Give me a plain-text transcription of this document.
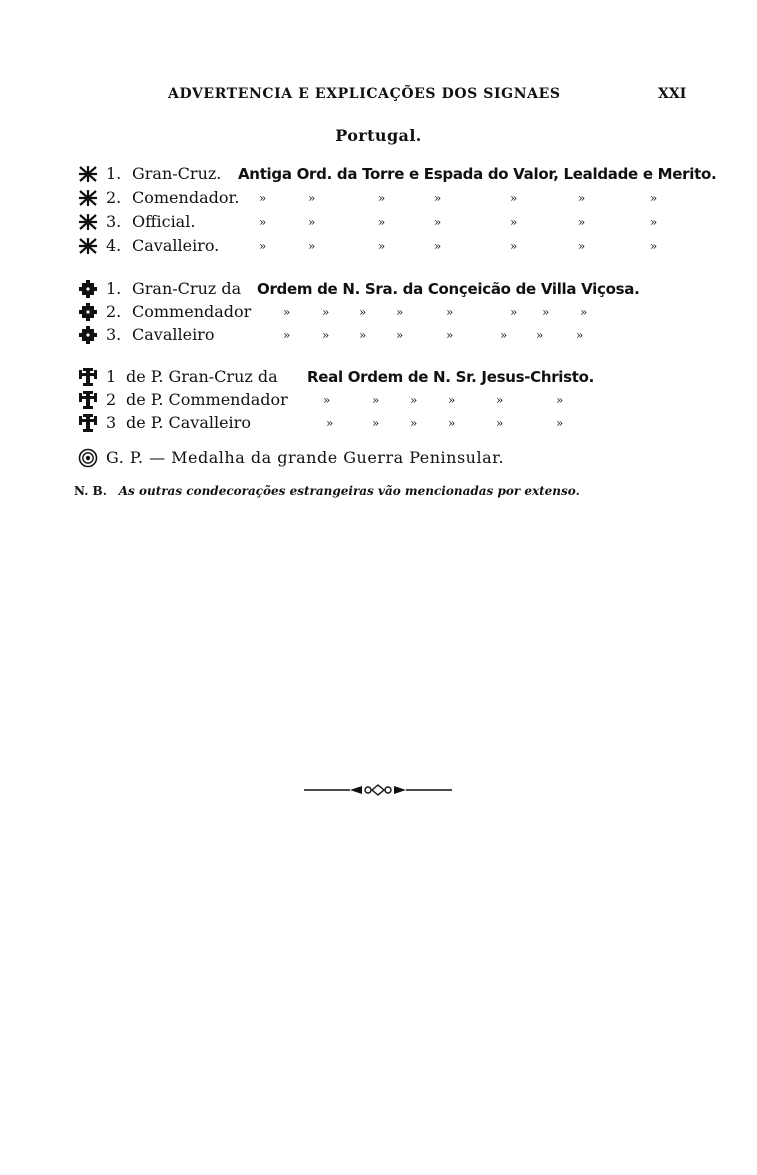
ADVERTENCIA E EXPLICAÇÕES DOS SIGNAES	XXI
Portugal.
1. Gran-Cruz. Antiga Ord. da Torre e Espada do Valor, Lealdade e Merito.
2. Comendador. »	»	»	»	»	»	»
3. Official.	»	»	»	»	»	»	»
4. Cavalleiro.	»	»	»	»	»	»	»
1. Gran-Cruz da Ordem de N. Sra. da Conçeicão de Villa Viçosa.
2. Commendador	»	» » »	»	» »	»
3. Cavalleiro	»	» » »	»	» »	»
1 de P. Gran-Cruz da Real Ordem de N. Sr. Jesus-Christo.
2 de P. Commendador	»	»	»	»	»	»
3 de P. Cavalleiro	»	»	»	»	»	»
G. P. — Medalha da grande Guerra Peninsular.
N. B. As outras condecorações estrangeiras vão mencionadas por extenso.
